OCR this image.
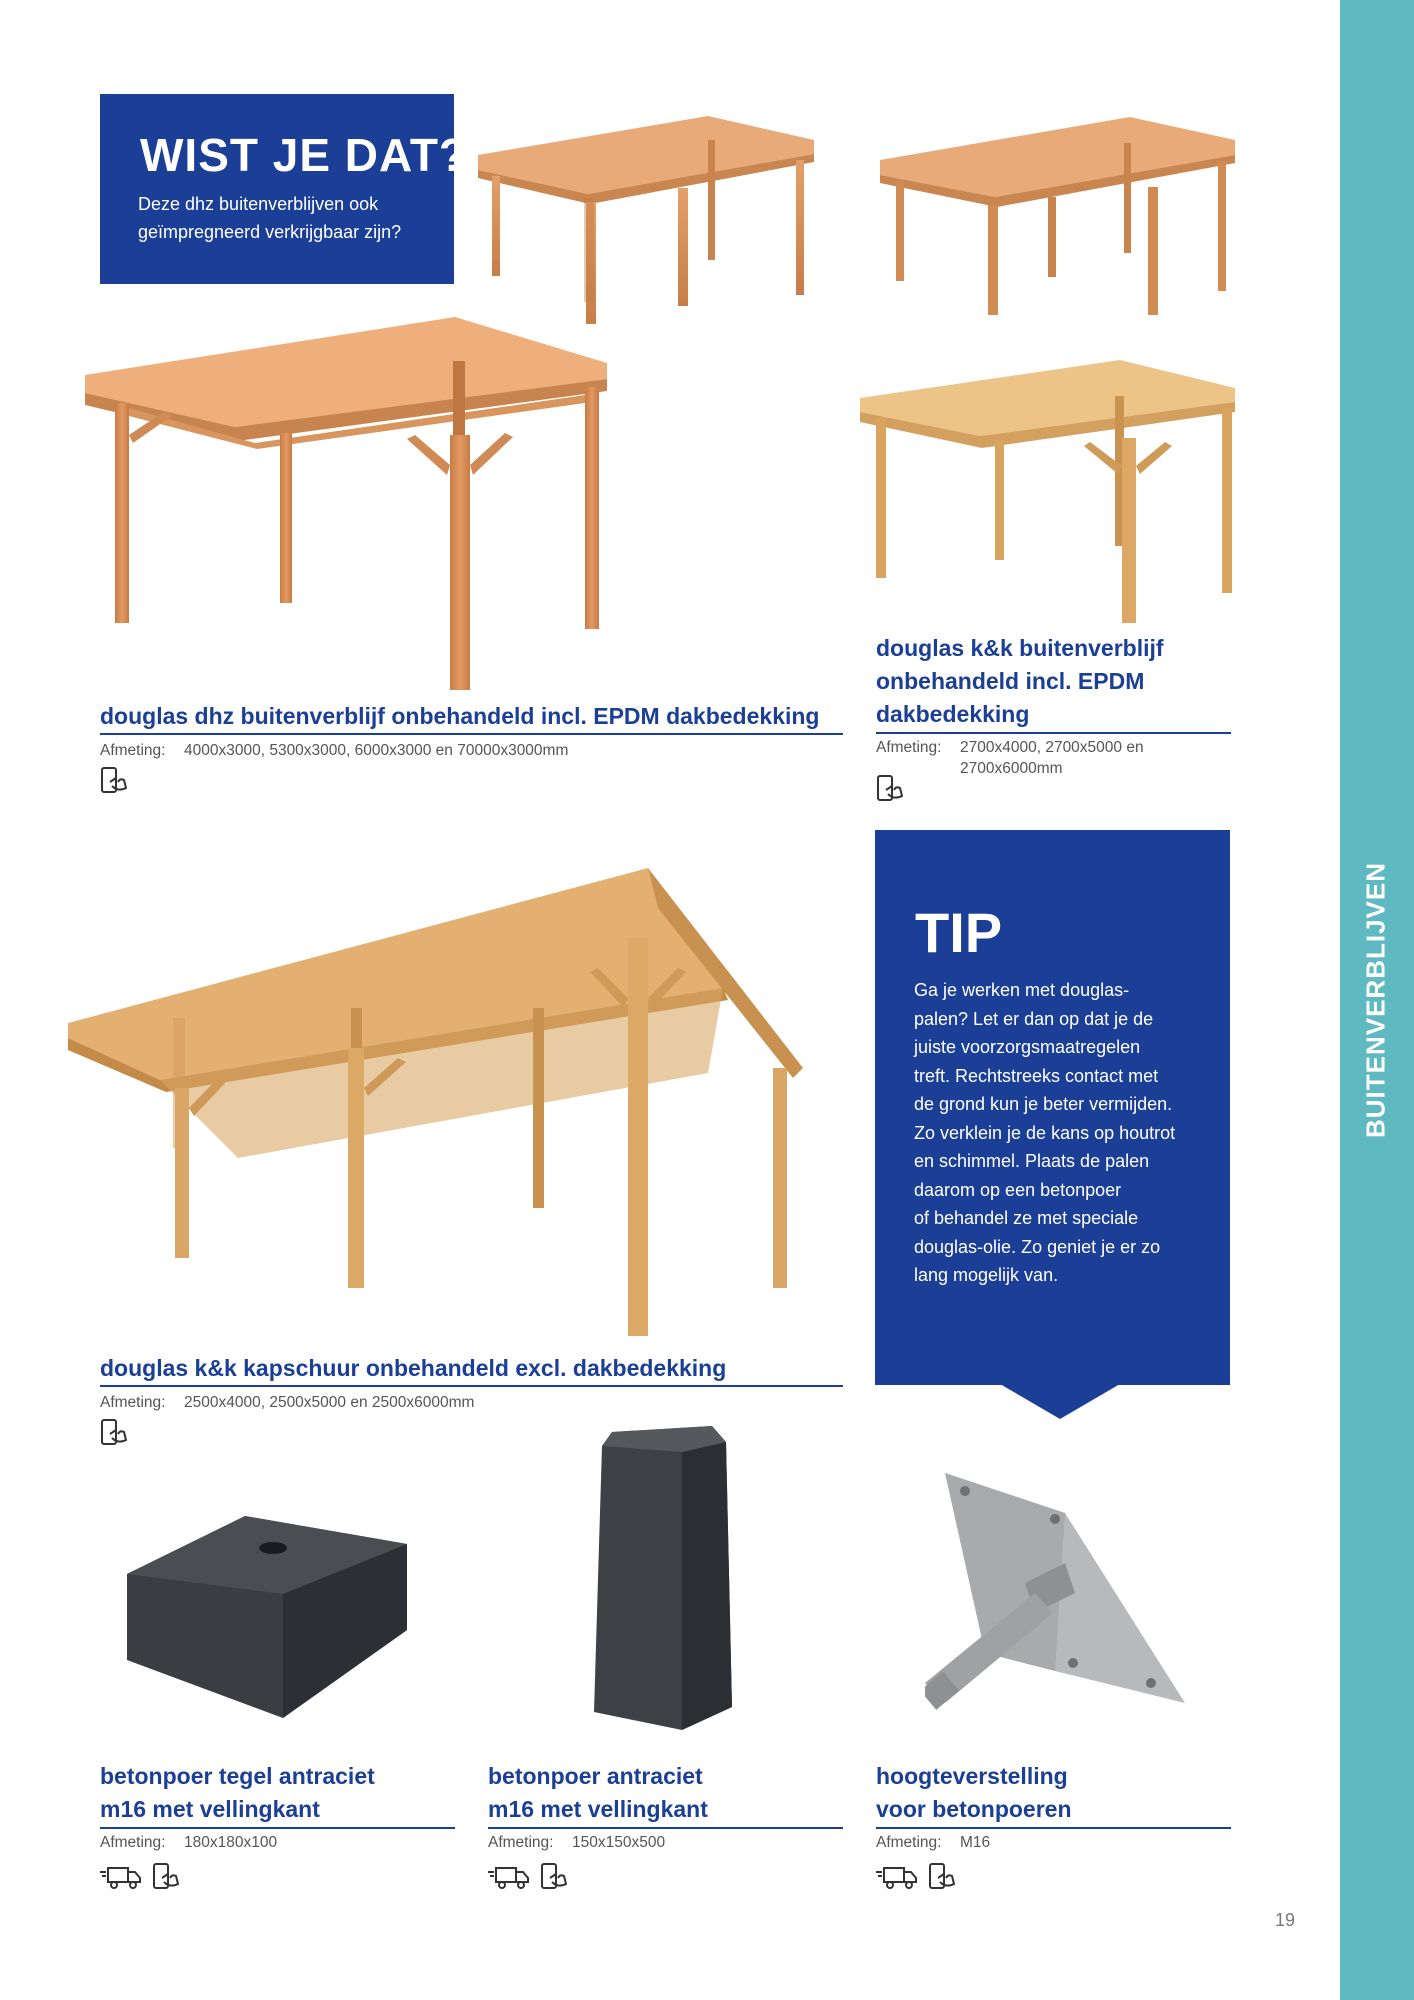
BUITENVERBLIJVEN
WIST JE DAT?
Deze dhz buitenverblijven ook geïmpregneerd verkrijgbaar zijn?
TIP
Ga je werken met douglas-
palen? Let er dan op dat je de
juiste voorzorgsmaatregelen
treft. Rechtstreeks contact met
de grond kun je beter vermijden.
Zo verklein je de kans op houtrot
en schimmel. Plaats de palen
daarom op een betonpoer
of behandel ze met speciale
douglas-olie. Zo geniet je er zo
lang mogelijk van.
douglas dhz buitenverblijf onbehandeld incl. EPDM dakbedekking
Afmeting: 4000x3000, 5300x3000, 6000x3000 en 70000x3000mm
douglas k&k buitenverblijf
onbehandeld incl. EPDM
dakbedekking
Afmeting: 2700x4000, 2700x5000 en
2700x6000mm
douglas k&k kapschuur onbehandeld excl. dakbedekking
Afmeting: 2500x4000, 2500x5000 en 2500x6000mm
betonpoer tegel antraciet
m16 met vellingkant
Afmeting: 180x180x100

betonpoer antraciet
m16 met vellingkant
Afmeting: 150x150x500

hoogteverstelling
voor betonpoeren
Afmeting: M16

19
